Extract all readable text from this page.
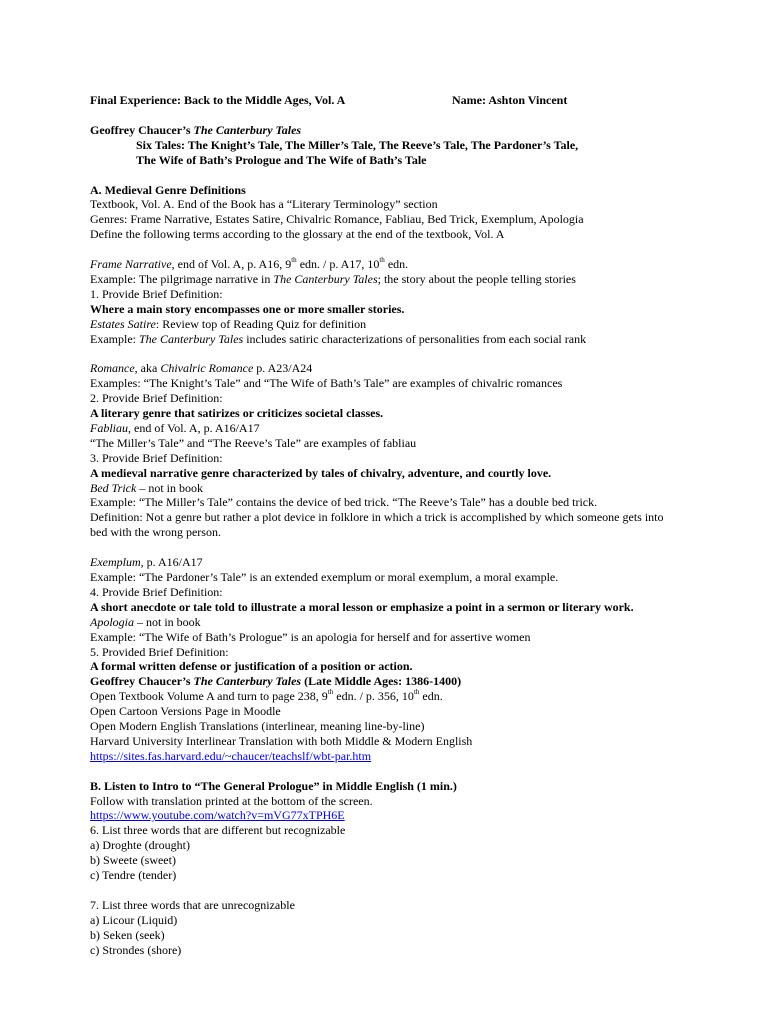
Final Experience: Back to the Middle Ages, Vol. A	Name: Ashton Vincent
Geoffrey Chaucer’s The Canterbury Tales
Six Tales: The Knight’s Tale, The Miller’s Tale, The Reeve’s Tale, The Pardoner’s Tale,
The Wife of Bath’s Prologue and The Wife of Bath’s Tale
A. Medieval Genre Definitions
Textbook, Vol. A. End of the Book has a “Literary Terminology” section
Genres: Frame Narrative, Estates Satire, Chivalric Romance, Fabliau, Bed Trick, Exemplum, Apologia
Define the following terms according to the glossary at the end of the textbook, Vol. A
Frame Narrative, end of Vol. A, p. A16, 9th edn. / p. A17, 10th edn.
Example: The pilgrimage narrative in The Canterbury Tales; the story about the people telling stories
1. Provide Brief Definition:
Where a main story encompasses one or more smaller stories.
Estates Satire: Review top of Reading Quiz for definition
Example: The Canterbury Tales includes satiric characterizations of personalities from each social rank
Romance, aka Chivalric Romance p. A23/A24
Examples: “The Knight’s Tale” and “The Wife of Bath’s Tale” are examples of chivalric romances
2. Provide Brief Definition:
A literary genre that satirizes or criticizes societal classes.
Fabliau, end of Vol. A, p. A16/A17
“The Miller’s Tale” and “The Reeve’s Tale” are examples of fabliau
3. Provide Brief Definition:
A medieval narrative genre characterized by tales of chivalry, adventure, and courtly love.
Bed Trick – not in book
Example: “The Miller’s Tale” contains the device of bed trick. “The Reeve’s Tale” has a double bed trick.
Definition: Not a genre but rather a plot device in folklore in which a trick is accomplished by which someone gets into bed with the wrong person.
Exemplum, p. A16/A17
Example: “The Pardoner’s Tale” is an extended exemplum or moral exemplum, a moral example.
4. Provide Brief Definition:
A short anecdote or tale told to illustrate a moral lesson or emphasize a point in a sermon or literary work.
Apologia – not in book
Example: “The Wife of Bath’s Prologue” is an apologia for herself and for assertive women
5. Provided Brief Definition:
A formal written defense or justification of a position or action.
Geoffrey Chaucer’s The Canterbury Tales (Late Middle Ages: 1386-1400)
Open Textbook Volume A and turn to page 238, 9th edn. / p. 356, 10th edn.
Open Cartoon Versions Page in Moodle
Open Modern English Translations (interlinear, meaning line-by-line)
Harvard University Interlinear Translation with both Middle & Modern English
https://sites.fas.harvard.edu/~chaucer/teachslf/wbt-par.htm
B. Listen to Intro to “The General Prologue” in Middle English (1 min.)
Follow with translation printed at the bottom of the screen.
https://www.youtube.com/watch?v=mVG77xTPH6E
6. List three words that are different but recognizable
a) Droghte (drought)
b) Sweete (sweet)
c) Tendre (tender)
7. List three words that are unrecognizable
a) Licour (Liquid)
b) Seken (seek)
c) Strondes (shore)
